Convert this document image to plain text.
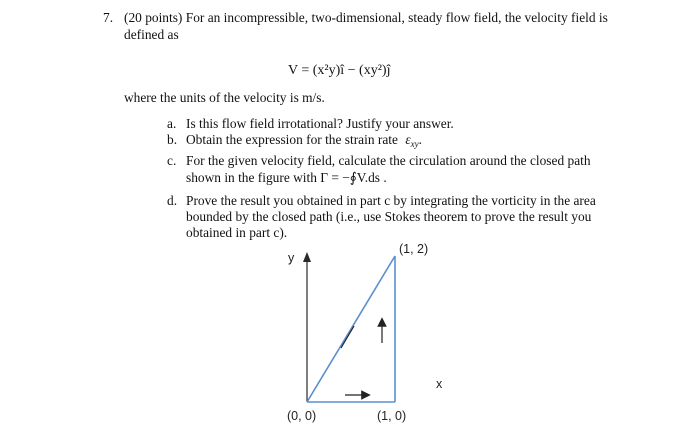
7. (20 points) For an incompressible, two-dimensional, steady flow field, the velocity field is
defined as
V = (x²y)î − (xy²)ĵ
where the units of the velocity is m/s.
a. Is this flow field irrotational? Justify your answer.
b. Obtain the expression for the strain rate $\varepsilon_{xy}$.
c. For the given velocity field, calculate the circulation around the closed path
shown in the figure with Γ = −∮V.ds .
d. Prove the result you obtained in part c by integrating the vorticity in the area
bounded by the closed path (i.e., use Stokes theorem to prove the result you
obtained in part c).
y
x
(0, 0)	(1, 0)
(1, 2)
